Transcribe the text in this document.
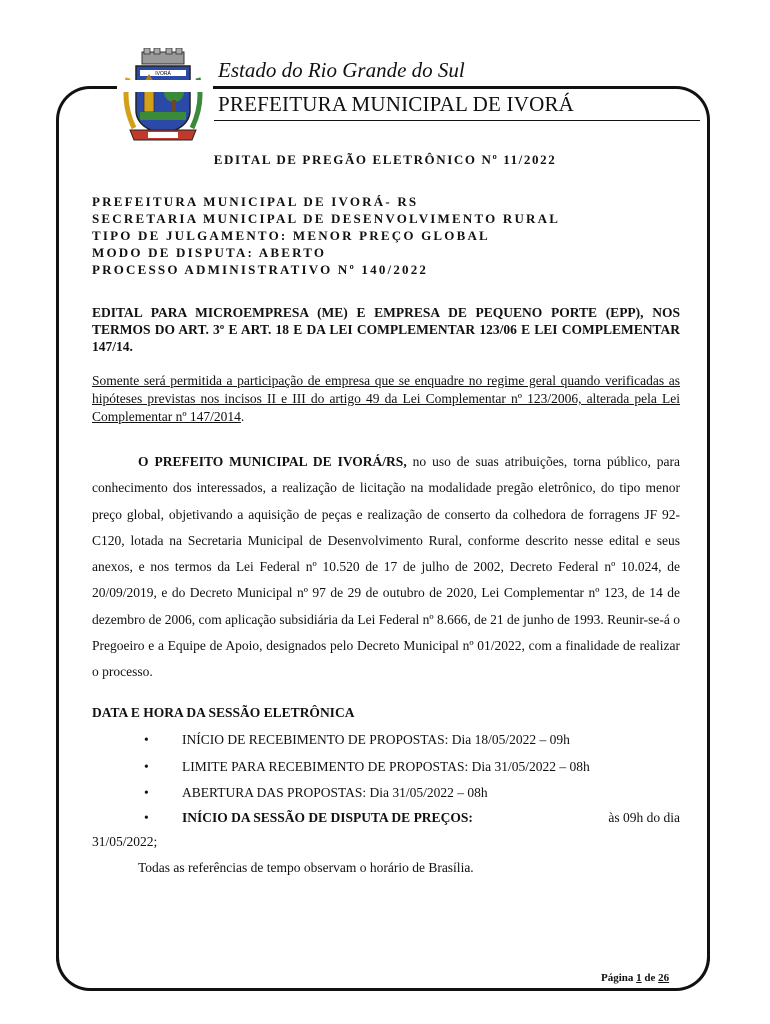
IVORÁ Estado do Rio Grande do Sul
PREFEITURA MUNICIPAL DE IVORÁ
EDITAL DE PREGÃO ELETRÔNICO Nº 11/2022
PREFEITURA MUNICIPAL DE IVORÁ- RS
SECRETARIA MUNICIPAL DE DESENVOLVIMENTO RURAL
TIPO DE JULGAMENTO: MENOR PREÇO GLOBAL
MODO DE DISPUTA: ABERTO
PROCESSO ADMINISTRATIVO Nº 140/2022
EDITAL PARA MICROEMPRESA (ME) E EMPRESA DE PEQUENO PORTE (EPP), NOS TERMOS DO ART. 3º E ART. 18 E DA LEI COMPLEMENTAR 123/06 E LEI COMPLEMENTAR 147/14.
Somente será permitida a participação de empresa que se enquadre no regime geral quando verificadas as hipóteses previstas nos incisos II e III do artigo 49 da Lei Complementar nº 123/2006, alterada pela Lei Complementar nº 147/2014.
O PREFEITO MUNICIPAL DE IVORÁ/RS, no uso de suas atribuições, torna público, para conhecimento dos interessados, a realização de licitação na modalidade pregão eletrônico, do tipo menor preço global, objetivando a aquisição de peças e realização de conserto da colhedora de forragens JF 92-C120, lotada na Secretaria Municipal de Desenvolvimento Rural, conforme descrito nesse edital e seus anexos, e nos termos da Lei Federal nº 10.520 de 17 de julho de 2002, Decreto Federal nº 10.024, de 20/09/2019, e do Decreto Municipal nº 97 de 29 de outubro de 2020, Lei Complementar nº 123, de 14 de dezembro de 2006, com aplicação subsidiária da Lei Federal nº 8.666, de 21 de junho de 1993. Reunir-se-á o Pregoeiro e a Equipe de Apoio, designados pelo Decreto Municipal nº 01/2022, com a finalidade de realizar o processo.
DATA E HORA DA SESSÃO ELETRÔNICA
• INÍCIO DE RECEBIMENTO DE PROPOSTAS: Dia 18/05/2022 – 09h
• LIMITE PARA RECEBIMENTO DE PROPOSTAS: Dia 31/05/2022 – 08h
• ABERTURA DAS PROPOSTAS: Dia 31/05/2022 – 08h
• INÍCIO DA SESSÃO DE DISPUTA DE PREÇOS:	às 09h do dia
31/05/2022;
Todas as referências de tempo observam o horário de Brasília.
Página 1 de 26
